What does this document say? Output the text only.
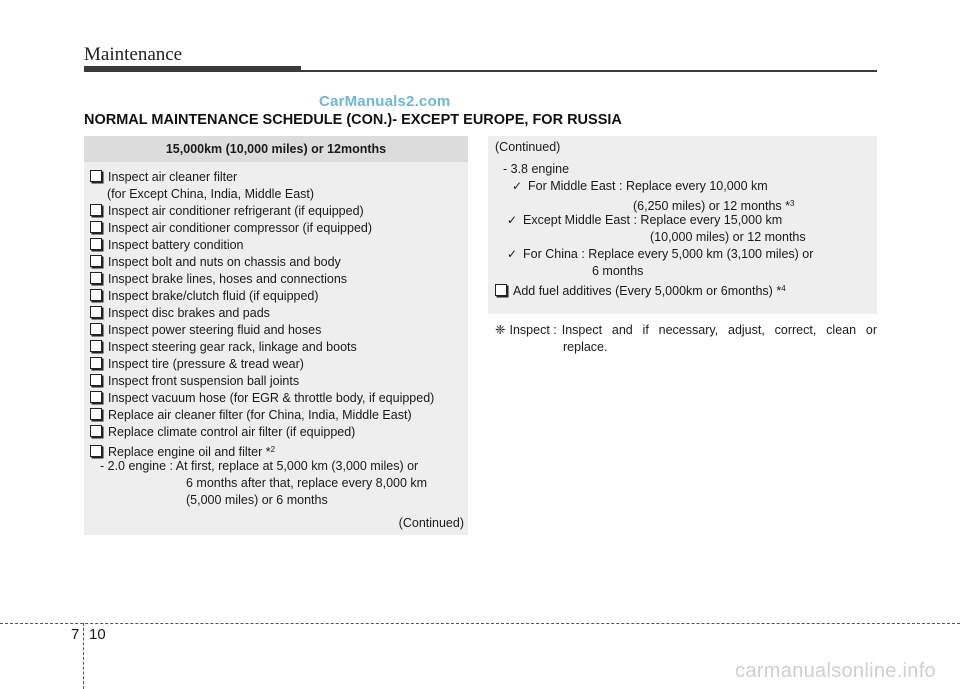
Maintenance
CarManuals2.com
NORMAL MAINTENANCE SCHEDULE (CON.)- EXCEPT EUROPE, FOR RUSSIA
15,000km (10,000 miles) or 12months
Inspect air cleaner filter
(for Except China, India, Middle East)
Inspect air conditioner refrigerant (if equipped)
Inspect air conditioner compressor (if equipped)
Inspect battery condition
Inspect bolt and nuts on chassis and body
Inspect brake lines, hoses and connections
Inspect brake/clutch fluid (if equipped)
Inspect disc brakes and pads
Inspect power steering fluid and hoses
Inspect steering gear rack, linkage and boots
Inspect tire (pressure & tread wear)
Inspect front suspension ball joints
Inspect vacuum hose (for EGR & throttle body, if equipped)
Replace air cleaner filter (for China, India, Middle East)
Replace climate control air filter (if equipped)
Replace engine oil and filter *$^2$
- 2.0 engine : At first, replace at 5,000 km (3,000 miles) or
6 months after that, replace every 8,000 km
(5,000 miles) or 6 months
(Continued)
(Continued)
- 3.8 engine
✓ For Middle East : Replace every 10,000 km
(6,250 miles) or 12 months *$^3$
✓ Except Middle East : Replace every 15,000 km
(10,000 miles) or 12 months
✓ For China : Replace every 5,000 km (3,100 miles) or
6 months
Add fuel additives (Every 5,000km or 6months) *$^4$
❈ Inspect : Inspect and if necessary, adjust, correct, clean or
replace.
7 10
carmanualsonline.info
